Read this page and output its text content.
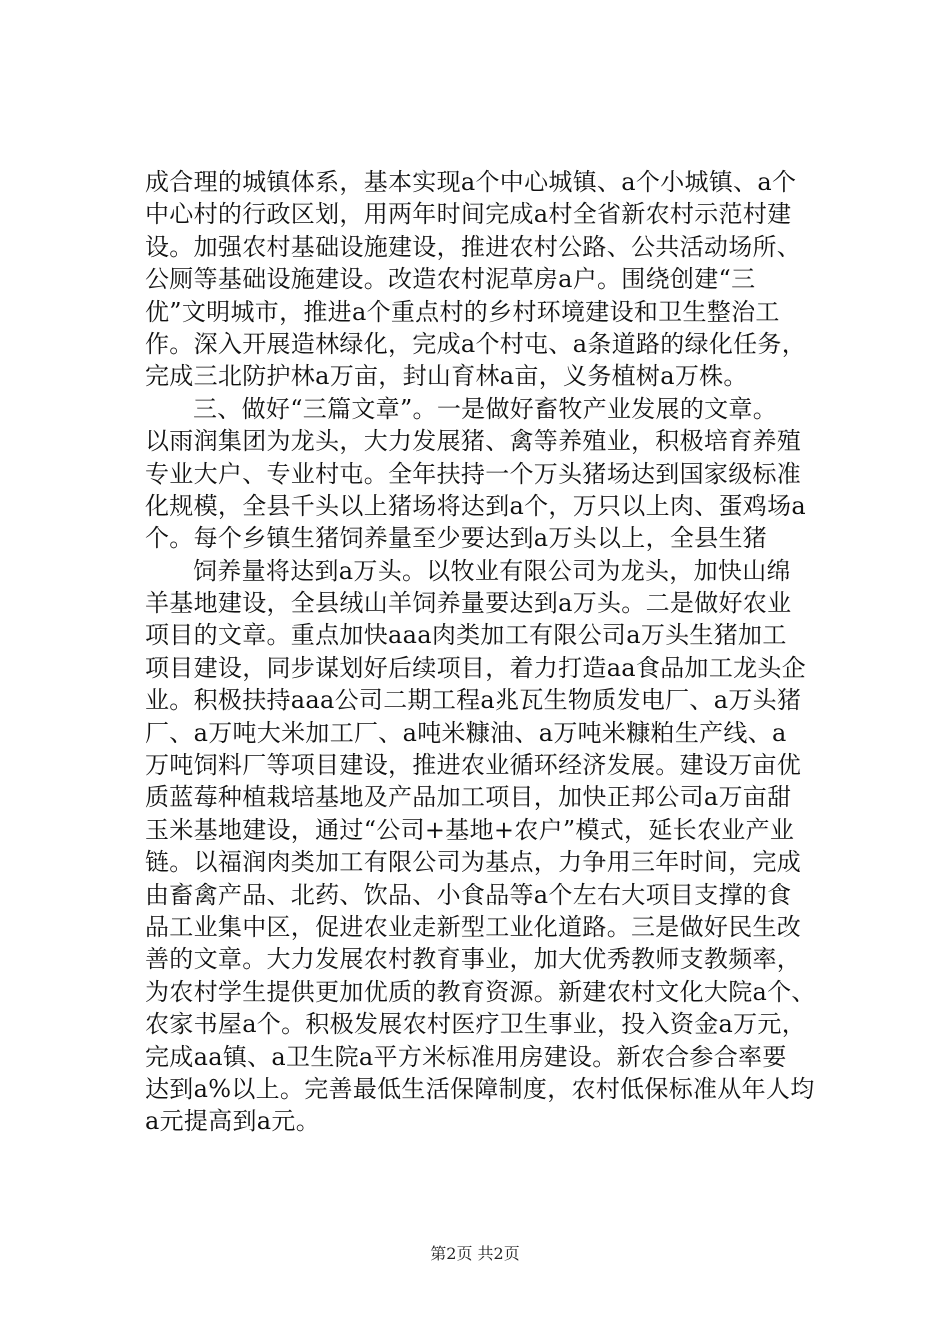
成合理的城镇体系，基本实现a个中心城镇、a个小城镇、a个
中心村的行政区划，用两年时间完成a村全省新农村示范村建
设。加强农村基础设施建设，推进农村公路、公共活动场所、
公厕等基础设施建设。改造农村泥草房a户。围绕创建“三
优”文明城市，推进a个重点村的乡村环境建设和卫生整治工
作。深入开展造林绿化，完成a个村屯、a条道路的绿化任务，
完成三北防护林a万亩，封山育林a亩，义务植树a万株。
三、做好“三篇文章”。一是做好畜牧产业发展的文章。
以雨润集团为龙头，大力发展猪、禽等养殖业，积极培育养殖
专业大户、专业村屯。全年扶持一个万头猪场达到国家级标准
化规模，全县千头以上猪场将达到a个，万只以上肉、蛋鸡场a
个。每个乡镇生猪饲养量至少要达到a万头以上，全县生猪
饲养量将达到a万头。以牧业有限公司为龙头，加快山绵
羊基地建设，全县绒山羊饲养量要达到a万头。二是做好农业
项目的文章。重点加快aaa肉类加工有限公司a万头生猪加工
项目建设，同步谋划好后续项目，着力打造aa食品加工龙头企
业。积极扶持aaa公司二期工程a兆瓦生物质发电厂、a万头猪
厂、a万吨大米加工厂、a吨米糠油、a万吨米糠粕生产线、a
万吨饲料厂等项目建设，推进农业循环经济发展。建设万亩优
质蓝莓种植栽培基地及产品加工项目，加快正邦公司a万亩甜
玉米基地建设，通过“公司+基地+农户”模式，延长农业产业
链。以福润肉类加工有限公司为基点，力争用三年时间，完成
由畜禽产品、北药、饮品、小食品等a个左右大项目支撑的食
品工业集中区，促进农业走新型工业化道路。三是做好民生改
善的文章。大力发展农村教育事业，加大优秀教师支教频率，
为农村学生提供更加优质的教育资源。新建农村文化大院a个、
农家书屋a个。积极发展农村医疗卫生事业，投入资金a万元，
完成aa镇、a卫生院a平方米标准用房建设。新农合参合率要
达到a%以上。完善最低生活保障制度，农村低保标准从年人均
a元提高到a元。
第2页 共2页
